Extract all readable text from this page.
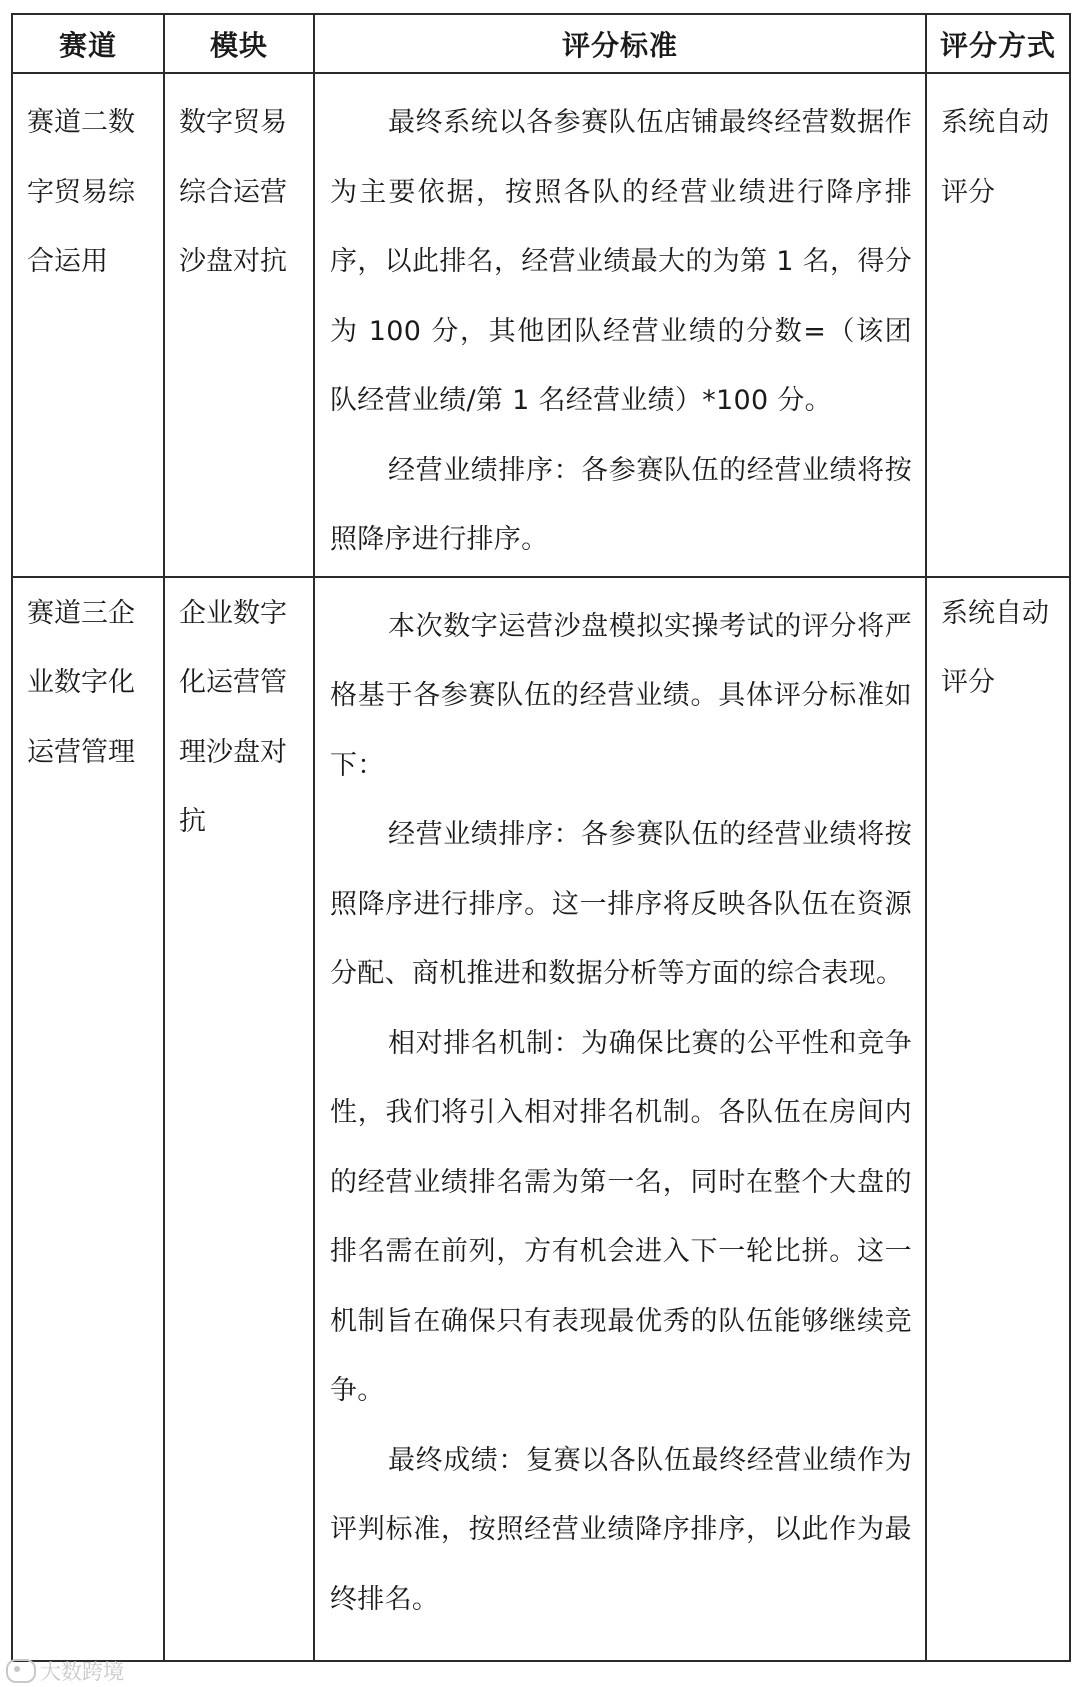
赛道	模块	评分标准	评分方式

赛道二数字贸易综合运用	数字贸易综合运营沙盘对抗	最终系统以各参赛队伍店铺最终经营数据作为主要依据，按照各队的经营业绩进行降序排序，以此排名，经营业绩最大的为第 1 名，得分为 100 分，其他团队经营业绩的分数=（该团队经营业绩/第 1 名经营业绩）*100 分。
经营业绩排序：各参赛队伍的经营业绩将按照降序进行排序。	系统自动评分

赛道三企业数字化运营管理	企业数字化运营管理沙盘对抗	本次数字运营沙盘模拟实操考试的评分将严格基于各参赛队伍的经营业绩。具体评分标准如下：
经营业绩排序：各参赛队伍的经营业绩将按照降序进行排序。这一排序将反映各队伍在资源分配、商机推进和数据分析等方面的综合表现。
相对排名机制：为确保比赛的公平性和竞争性，我们将引入相对排名机制。各队伍在房间内的经营业绩排名需为第一名，同时在整个大盘的排名需在前列，方有机会进入下一轮比拼。这一机制旨在确保只有表现最优秀的队伍能够继续竞争。
最终成绩：复赛以各队伍最终经营业绩作为评判标准，按照经营业绩降序排序，以此作为最终排名。	系统自动评分
大数跨境
